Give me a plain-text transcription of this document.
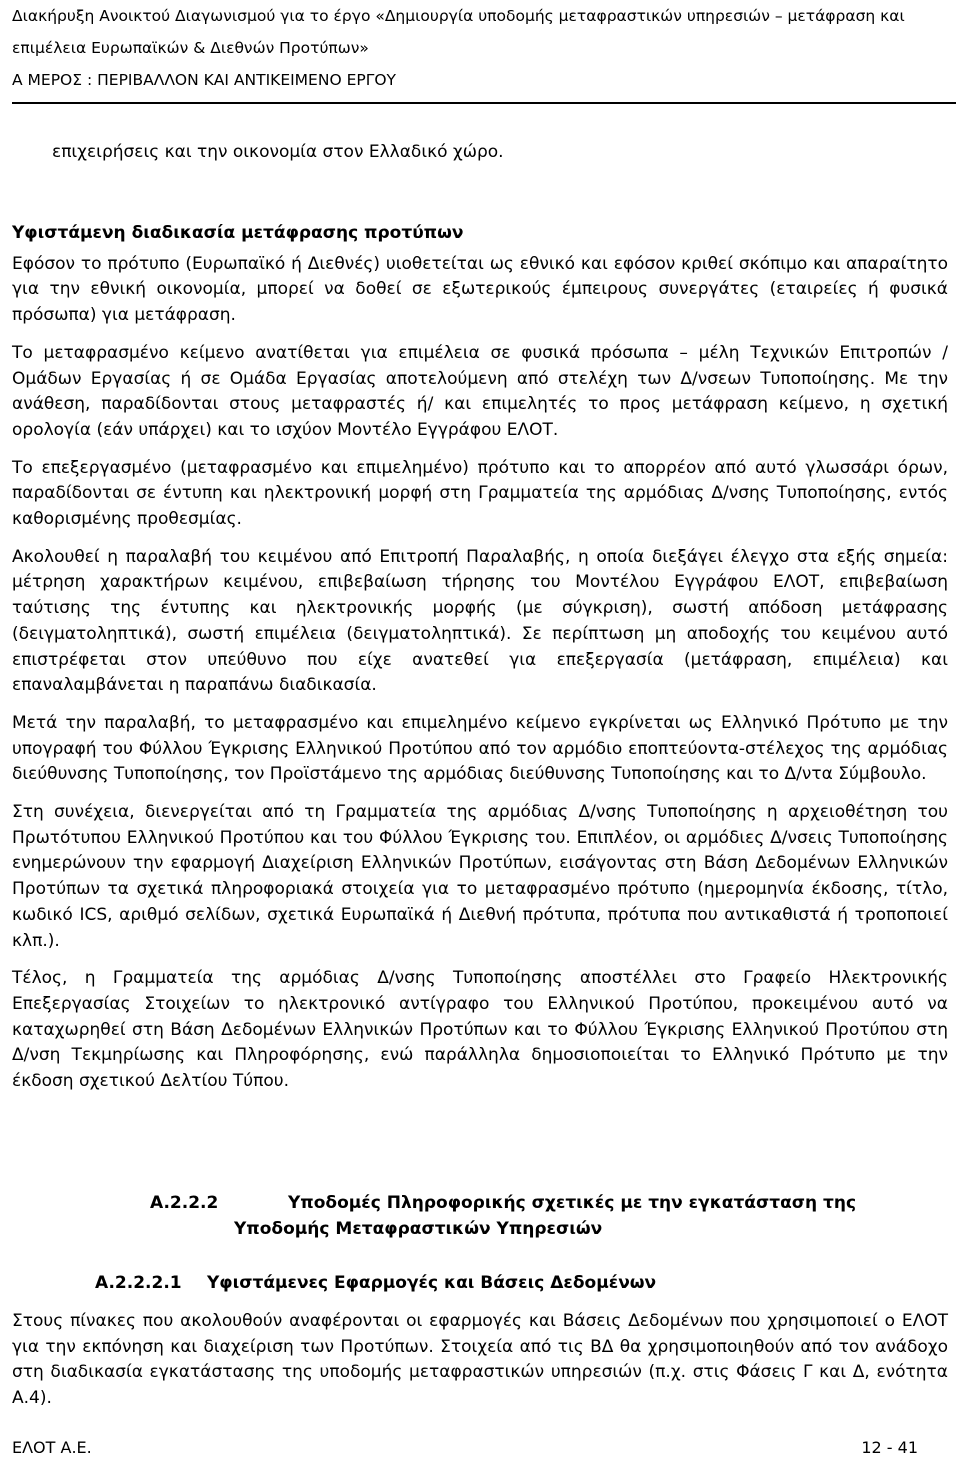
Διακήρυξη Ανοικτού Διαγωνισμού για το έργο «Δημιουργία υποδομής μεταφραστικών υπηρεσιών – μετάφραση και
επιμέλεια Ευρωπαϊκών & Διεθνών Προτύπων»
Α ΜΕΡΟΣ : ΠΕΡΙΒΑΛΛΟΝ ΚΑΙ ΑΝΤΙΚΕΙΜΕΝΟ ΕΡΓΟΥ

επιχειρήσεις και την οικονομία στον Ελλαδικό χώρο.

Υφιστάμενη διαδικασία μετάφρασης προτύπων

Εφόσον το πρότυπο (Ευρωπαϊκό ή Διεθνές) υιοθετείται ως εθνικό και εφόσον κριθεί σκόπιμο και απαραίτητο για την εθνική οικονομία, μπορεί να δοθεί σε εξωτερικούς έμπειρους συνεργάτες (εταιρείες ή φυσικά πρόσωπα) για μετάφραση.

Το μεταφρασμένο κείμενο ανατίθεται για επιμέλεια σε φυσικά πρόσωπα – μέλη Τεχνικών Επιτροπών / Ομάδων Εργασίας ή σε Ομάδα Εργασίας αποτελούμενη από στελέχη των Δ/νσεων Τυποποίησης. Με την ανάθεση, παραδίδονται στους μεταφραστές ή/ και επιμελητές το προς μετάφραση κείμενο, η σχετική ορολογία (εάν υπάρχει) και το ισχύον Μοντέλο Εγγράφου ΕΛΟΤ.

Το επεξεργασμένο (μεταφρασμένο και επιμελημένο) πρότυπο και το απορρέον από αυτό γλωσσάρι όρων, παραδίδονται σε έντυπη και ηλεκτρονική μορφή στη Γραμματεία της αρμόδιας Δ/νσης Τυποποίησης, εντός καθορισμένης προθεσμίας.

Ακολουθεί η παραλαβή του κειμένου από Επιτροπή Παραλαβής, η οποία διεξάγει έλεγχο στα εξής σημεία: μέτρηση χαρακτήρων κειμένου, επιβεβαίωση τήρησης του Μοντέλου Εγγράφου ΕΛΟΤ, επιβεβαίωση ταύτισης της έντυπης και ηλεκτρονικής μορφής (με σύγκριση), σωστή απόδοση μετάφρασης (δειγματοληπτικά), σωστή επιμέλεια (δειγματοληπτικά). Σε περίπτωση μη αποδοχής του κειμένου αυτό επιστρέφεται στον υπεύθυνο που είχε ανατεθεί για επεξεργασία (μετάφραση, επιμέλεια) και επαναλαμβάνεται η παραπάνω διαδικασία.

Μετά την παραλαβή, το μεταφρασμένο και επιμελημένο κείμενο εγκρίνεται ως Ελληνικό Πρότυπο με την υπογραφή του Φύλλου Έγκρισης Ελληνικού Προτύπου από τον αρμόδιο εποπτεύοντα-στέλεχος της αρμόδιας διεύθυνσης Τυποποίησης, τον Προϊστάμενο της αρμόδιας διεύθυνσης Τυποποίησης και το Δ/ντα Σύμβουλο.

Στη συνέχεια, διενεργείται από τη Γραμματεία της αρμόδιας Δ/νσης Τυποποίησης η αρχειοθέτηση του Πρωτότυπου Ελληνικού Προτύπου και του Φύλλου Έγκρισης του. Επιπλέον, οι αρμόδιες Δ/νσεις Τυποποίησης ενημερώνουν την εφαρμογή Διαχείριση Ελληνικών Προτύπων, εισάγοντας στη Βάση Δεδομένων Ελληνικών Προτύπων τα σχετικά πληροφοριακά στοιχεία για το μεταφρασμένο πρότυπο (ημερομηνία έκδοσης, τίτλο, κωδικό ICS, αριθμό σελίδων, σχετικά Ευρωπαϊκά ή Διεθνή πρότυπα, πρότυπα που αντικαθιστά ή τροποποιεί κλπ.).

Τέλος, η Γραμματεία της αρμόδιας Δ/νσης Τυποποίησης αποστέλλει στο Γραφείο Ηλεκτρονικής Επεξεργασίας Στοιχείων το ηλεκτρονικό αντίγραφο του Ελληνικού Προτύπου, προκειμένου αυτό να καταχωρηθεί στη Βάση Δεδομένων Ελληνικών Προτύπων και το Φύλλου Έγκρισης Ελληνικού Προτύπου στη Δ/νση Τεκμηρίωσης και Πληροφόρησης, ενώ παράλληλα δημοσιοποιείται το Ελληνικό Πρότυπο με την έκδοση σχετικού Δελτίου Τύπου.

A.2.2.2	Υποδομές Πληροφορικής σχετικές με την εγκατάσταση της
Υποδομής Μεταφραστικών Υπηρεσιών
A.2.2.2.1 Υφιστάμενες Εφαρμογές και Βάσεις Δεδομένων

Στους πίνακες που ακολουθούν αναφέρονται οι εφαρμογές και Βάσεις Δεδομένων που χρησιμοποιεί ο ΕΛΟΤ για την εκπόνηση και διαχείριση των Προτύπων. Στοιχεία από τις ΒΔ θα χρησιμοποιηθούν από τον ανάδοχο στη διαδικασία εγκατάστασης της υποδομής μεταφραστικών υπηρεσιών (π.χ. στις Φάσεις Γ και Δ, ενότητα Α.4).

ΕΛΟΤ Α.Ε.	12 - 41
